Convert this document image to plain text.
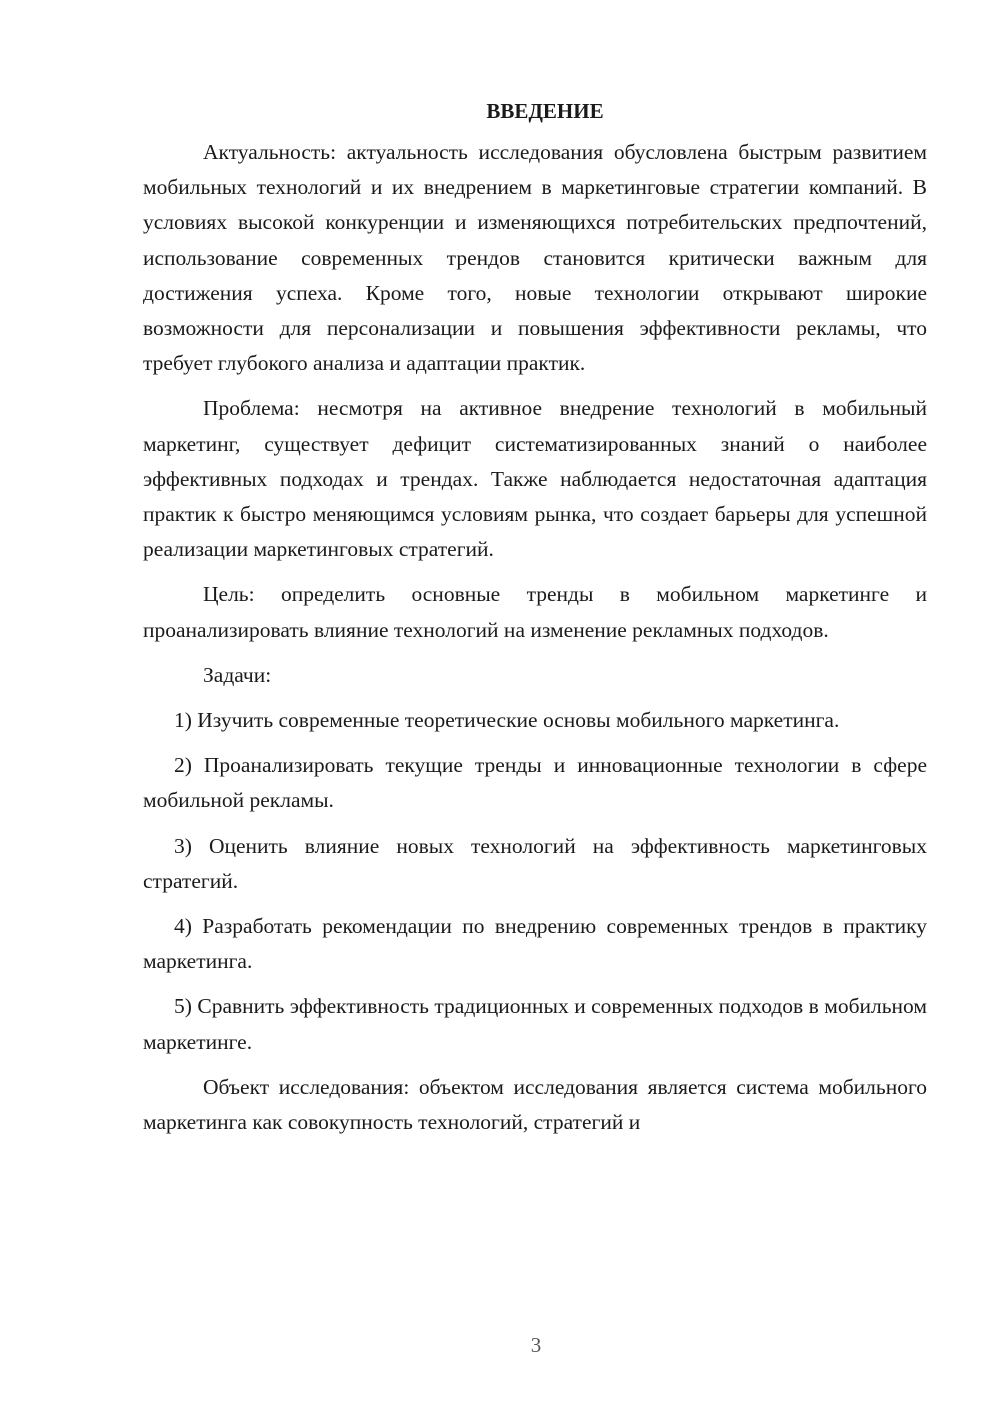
ВВЕДЕНИЕ

Актуальность: актуальность исследования обусловлена быстрым развитием мобильных технологий и их внедрением в маркетинговые стратегии компаний. В условиях высокой конкуренции и изменяющихся потребительских предпочтений, использование современных трендов становится критически важным для достижения успеха. Кроме того, новые технологии открывают широкие возможности для персонализации и повышения эффективности рекламы, что требует глубокого анализа и адаптации практик.

Проблема: несмотря на активное внедрение технологий в мобильный маркетинг, существует дефицит систематизированных знаний о наиболее эффективных подходах и трендах. Также наблюдается недостаточная адаптация практик к быстро меняющимся условиям рынка, что создает барьеры для успешной реализации маркетинговых стратегий.

Цель: определить основные тренды в мобильном маркетинге и проанализировать влияние технологий на изменение рекламных подходов.

Задачи:

1) Изучить современные теоретические основы мобильного маркетинга.

2) Проанализировать текущие тренды и инновационные технологии в сфере мобильной рекламы.

3) Оценить влияние новых технологий на эффективность маркетинговых стратегий.

4) Разработать рекомендации по внедрению современных трендов в практику маркетинга.

5) Сравнить эффективность традиционных и современных подходов в мобильном маркетинге.

Объект исследования: объектом исследования является система мобильного маркетинга как совокупность технологий, стратегий и

3
